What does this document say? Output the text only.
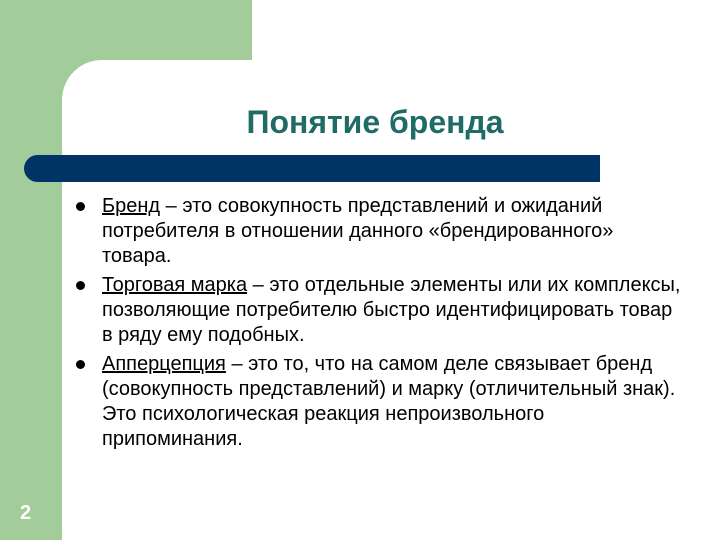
Понятие бренда
Бренд – это совокупность представлений и ожиданий потребителя в отношении данного «брендированного» товара.
Торговая марка – это отдельные элементы или их комплексы, позволяющие потребителю быстро идентифицировать товар в ряду ему подобных.
Апперцепция – это то, что на самом деле связывает бренд (совокупность представлений) и марку (отличительный знак). Это психологическая реакция непроизвольного припоминания.
2
